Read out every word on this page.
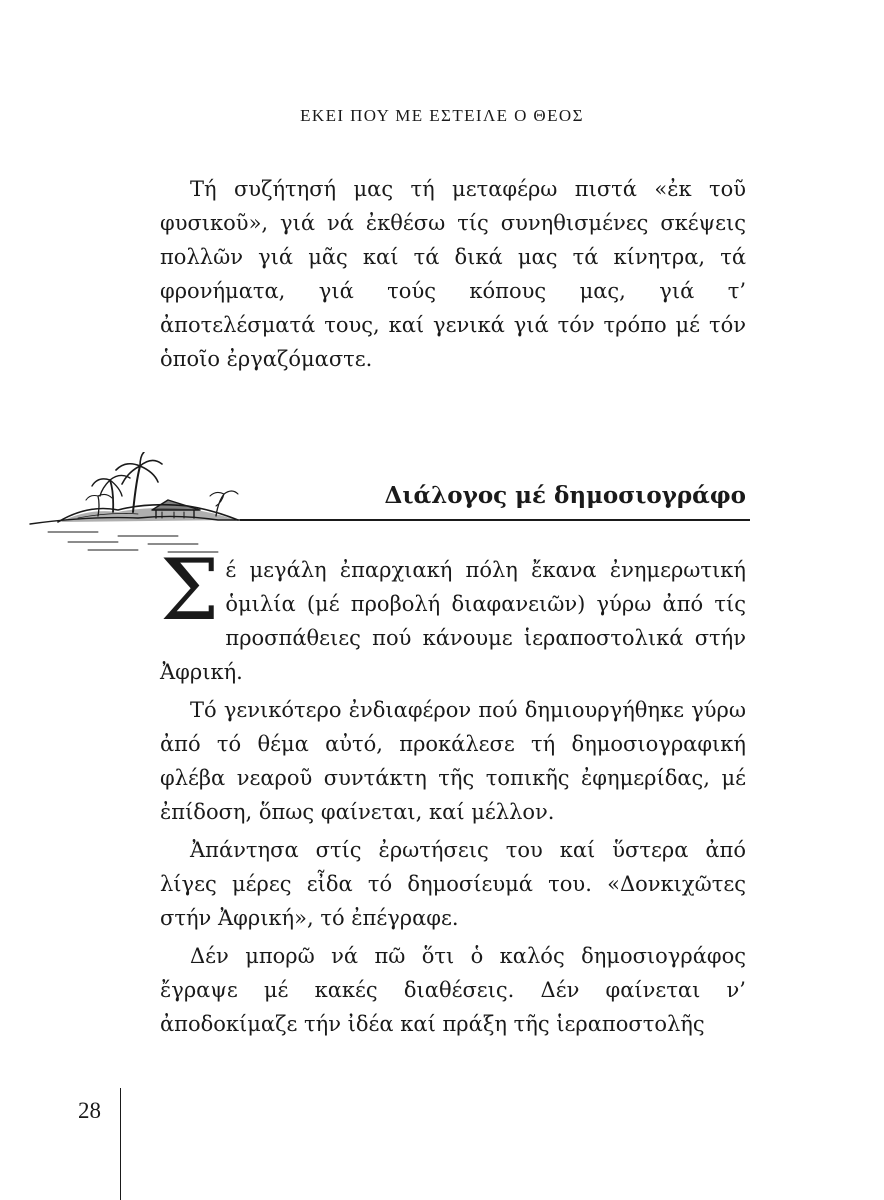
ΕΚΕΙ ΠΟΥ ΜΕ ΕΣΤΕΙΛΕ Ο ΘΕΟΣ

Τή συζήτησή μας τή μεταφέρω πιστά «ἐκ τοῦ φυσικοῦ», γιά νά ἐκθέσω τίς συνηθισμένες σκέψεις πολλῶν γιά μᾶς καί τά δικά μας τά κίνητρα, τά φρονήματα, γιά τούς κόπους μας, γιά τ’ ἀποτελέσματά τους, καί γενικά γιά τόν τρόπο μέ τόν ὁποῖο ἐργαζόμαστε.

Διάλογος μέ δημοσιογράφο

Σέ μεγάλη ἐπαρχιακή πόλη ἔκανα ἐνημερωτική ὁμιλία (μέ προβολή διαφανειῶν) γύρω ἀπό τίς προσπάθειες πού κάνουμε ἱεραποστολικά στήν Ἀφρική.

Τό γενικότερο ἐνδιαφέρον πού δημιουργήθηκε γύρω ἀπό τό θέμα αὐτό, προκάλεσε τή δημοσιογραφική φλέβα νεαροῦ συντάκτη τῆς τοπικῆς ἐφημερίδας, μέ ἐπίδοση, ὅπως φαίνεται, καί μέλλον.

Ἀπάντησα στίς ἐρωτήσεις του καί ὕστερα ἀπό λίγες μέρες εἶδα τό δημοσίευμά του. «Δονκιχῶτες στήν Ἀφρική», τό ἐπέγραφε.

Δέν μπορῶ νά πῶ ὅτι ὁ καλός δημοσιογράφος ἔγραψε μέ κακές διαθέσεις. Δέν φαίνεται ν’ ἀποδοκίμαζε τήν ἰδέα καί πράξη τῆς ἱεραποστολῆς

28
